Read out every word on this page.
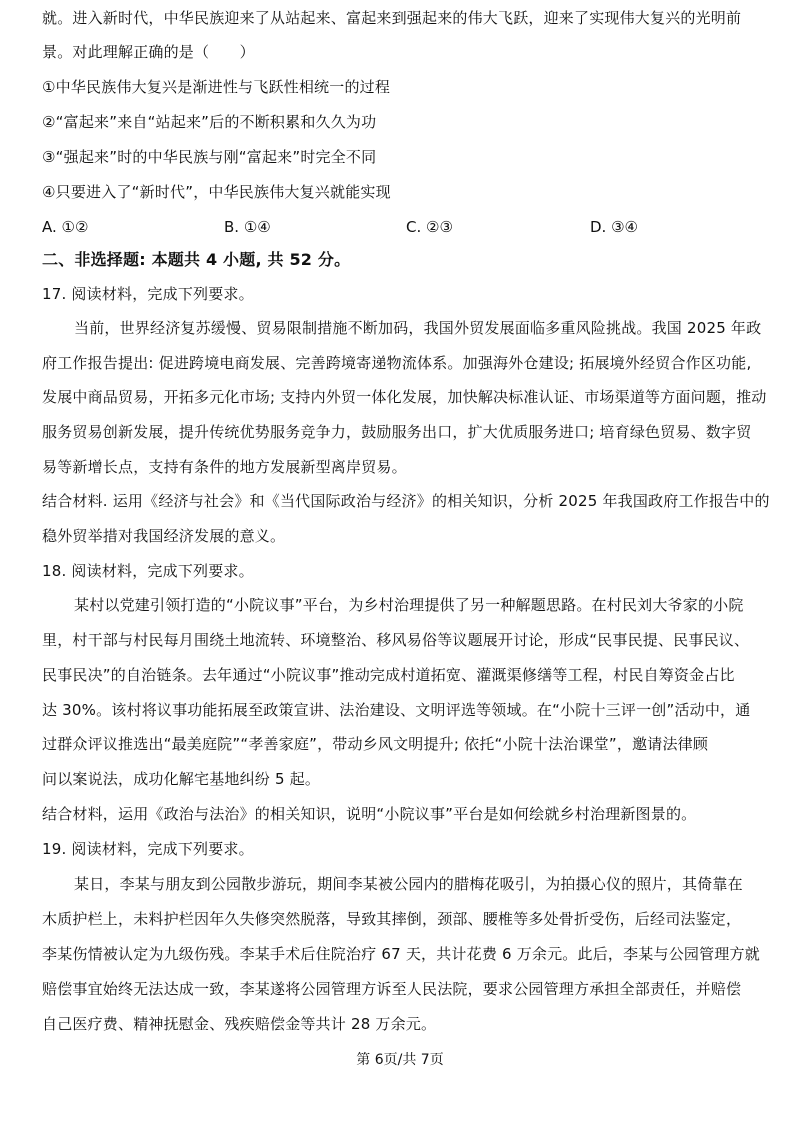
就。进入新时代，中华民族迎来了从站起来、富起来到强起来的伟大飞跃，迎来了实现伟大复兴的光明前
景。对此理解正确的是（　　）
①中华民族伟大复兴是渐进性与飞跃性相统一的过程
②“富起来”来自“站起来”后的不断积累和久久为功
③“强起来”时的中华民族与刚“富起来”时完全不同
④只要进入了“新时代”，中华民族伟大复兴就能实现
A. ①②	B. ①④	C. ②③	D. ③④
二、非选择题: 本题共 4 小题, 共 52 分。
17. 阅读材料，完成下列要求。
当前，世界经济复苏缓慢、贸易限制措施不断加码，我国外贸发展面临多重风险挑战。我国 2025 年政
府工作报告提出: 促进跨境电商发展、完善跨境寄递物流体系。加强海外仓建设; 拓展境外经贸合作区功能,
发展中商品贸易，开拓多元化市场; 支持内外贸一体化发展，加快解决标准认证、市场渠道等方面问题，推动
服务贸易创新发展，提升传统优势服务竞争力，鼓励服务出口，扩大优质服务进口; 培育绿色贸易、数字贸
易等新增长点，支持有条件的地方发展新型离岸贸易。
结合材料. 运用《经济与社会》和《当代国际政治与经济》的相关知识，分析 2025 年我国政府工作报告中的
稳外贸举措对我国经济发展的意义。
18. 阅读材料，完成下列要求。
某村以党建引领打造的“小院议事”平台，为乡村治理提供了另一种解题思路。在村民刘大爷家的小院
里，村干部与村民每月围绕土地流转、环境整治、移风易俗等议题展开讨论，形成“民事民提、民事民议、
民事民决”的自治链条。去年通过“小院议事”推动完成村道拓宽、灌溉渠修缮等工程，村民自筹资金占比
达 30%。该村将议事功能拓展至政策宣讲、法治建设、文明评选等领域。在“小院十三评一创”活动中，通
过群众评议推选出“最美庭院”“孝善家庭”，带动乡风文明提升; 依托“小院十法治课堂”，邀请法律顾
问以案说法，成功化解宅基地纠纷 5 起。
结合材料，运用《政治与法治》的相关知识，说明“小院议事”平台是如何绘就乡村治理新图景的。
19. 阅读材料，完成下列要求。
某日，李某与朋友到公园散步游玩，期间李某被公园内的腊梅花吸引，为拍摄心仪的照片，其倚靠在
木质护栏上，未料护栏因年久失修突然脱落，导致其摔倒，颈部、腰椎等多处骨折受伤，后经司法鉴定，
李某伤情被认定为九级伤残。李某手术后住院治疗 67 天，共计花费 6 万余元。此后，李某与公园管理方就
赔偿事宜始终无法达成一致，李某遂将公园管理方诉至人民法院，要求公园管理方承担全部责任，并赔偿
自己医疗费、精神抚慰金、残疾赔偿金等共计 28 万余元。
第 6页/共 7页
